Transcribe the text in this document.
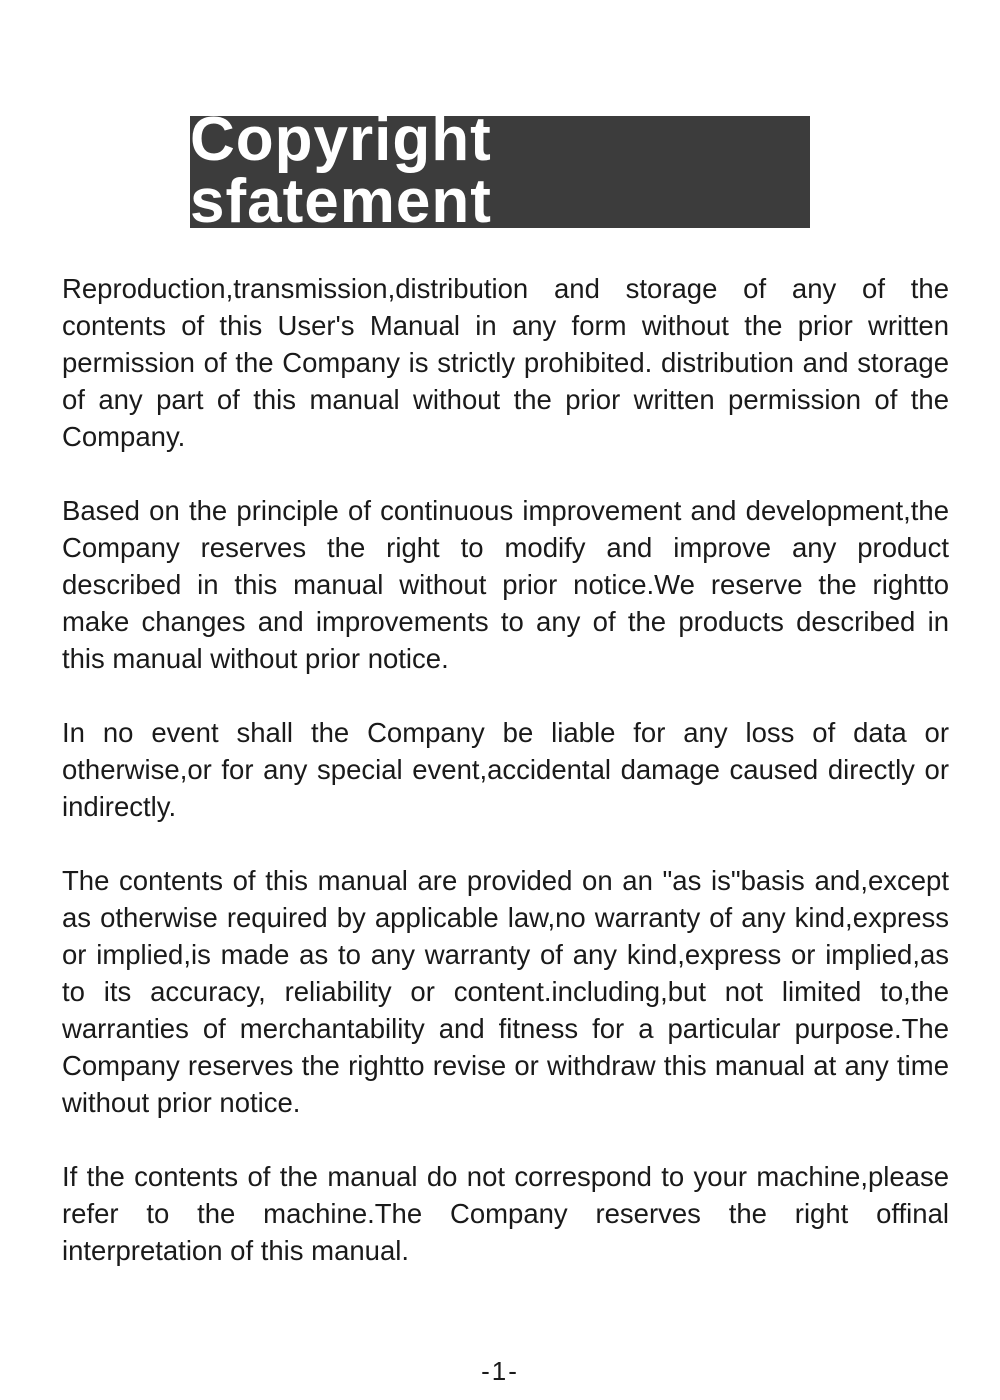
Copyright sfatement

Reproduction,transmission,distribution and storage of any of the contents of this User's Manual in any form without the prior written permission of the Company is strictly prohibited. distribution and storage of any part of this manual without the prior written permission of the Company.

Based on the principle of continuous improvement and development,the Company reserves the right to modify and improve any product described in this manual without prior notice.We reserve the rightto make changes and improvements to any of the products described in this manual without prior notice.

In no event shall the Company be liable for any loss of data or otherwise,or for any special event,accidental damage caused directly or indirectly.

The contents of this manual are provided on an "as is"basis and,except as otherwise required by applicable law,no warranty of any kind,express or implied,is made as to any warranty of any kind,express or implied,as to its accuracy, reliability or content.including,but not limited to,the warranties of merchantability and fitness for a particular purpose.The Company reserves the rightto revise or withdraw this manual at any time without prior notice.

If the contents of the manual do not correspond to your machine,please refer to the machine.The Company reserves the right offinal interpretation of this manual.

-1-
